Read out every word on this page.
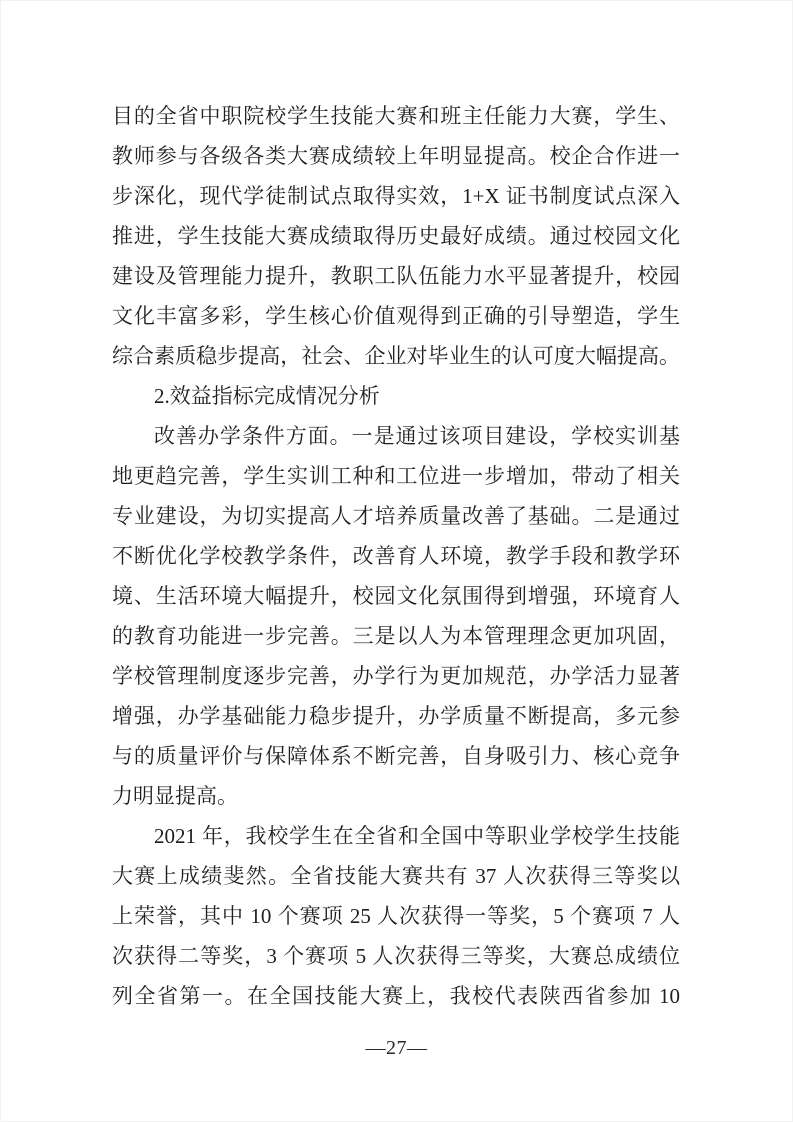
目的全省中职院校学生技能大赛和班主任能力大赛，学生、
教师参与各级各类大赛成绩较上年明显提高。校企合作进一
步深化，现代学徒制试点取得实效，1+X 证书制度试点深入
推进，学生技能大赛成绩取得历史最好成绩。通过校园文化
建设及管理能力提升，教职工队伍能力水平显著提升，校园
文化丰富多彩，学生核心价值观得到正确的引导塑造，学生
综合素质稳步提高，社会、企业对毕业生的认可度大幅提高。
2.效益指标完成情况分析
改善办学条件方面。一是通过该项目建设，学校实训基
地更趋完善，学生实训工种和工位进一步增加，带动了相关
专业建设，为切实提高人才培养质量改善了基础。二是通过
不断优化学校教学条件，改善育人环境，教学手段和教学环
境、生活环境大幅提升，校园文化氛围得到增强，环境育人
的教育功能进一步完善。三是以人为本管理理念更加巩固，
学校管理制度逐步完善，办学行为更加规范，办学活力显著
增强，办学基础能力稳步提升，办学质量不断提高，多元参
与的质量评价与保障体系不断完善，自身吸引力、核心竞争
力明显提高。
2021 年，我校学生在全省和全国中等职业学校学生技能
大赛上成绩斐然。全省技能大赛共有 37 人次获得三等奖以
上荣誉，其中 10 个赛项 25 人次获得一等奖，5 个赛项 7 人
次获得二等奖，3 个赛项 5 人次获得三等奖，大赛总成绩位
列全省第一。在全国技能大赛上，我校代表陕西省参加 10
—27—
